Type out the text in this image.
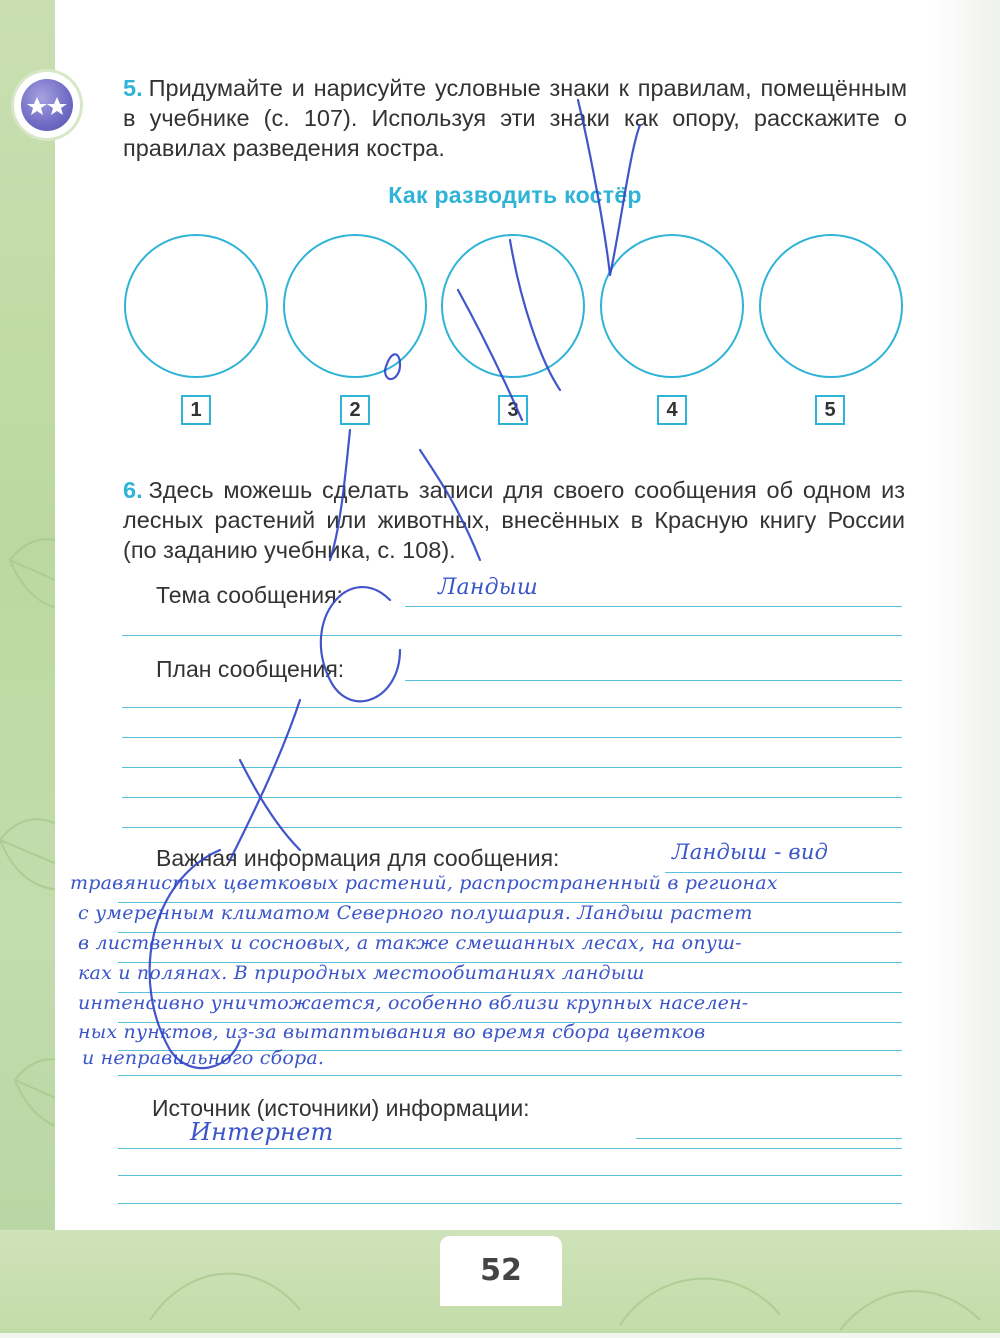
5. Придумайте и нарисуйте условные знаки к правилам, помещённым в учебнике (с. 107). Используя эти знаки как опору, расскажите о правилах разведения костра.
Как разводить костёр
1	2	3	4	5
6. Здесь можешь сделать записи для своего сообщения об одном из лесных растений или животных, внесённых в Красную книгу России (по заданию учебника, с. 108).
Тема сообщения:	Ландыш
План сообщения:
Важная информация для сообщения:	Ландыш - вид
травянистых цветковых растений, распространенный в регионах
с умеренным климатом Северного полушария. Ландыш растет
в лиственных и сосновых, а также смешанных лесах, на опуш-
ках и полянах. В природных местообитаниях ландыш
интенсивно уничтожается, особенно вблизи крупных населен-
ных пунктов, из-за вытаптывания во время сбора цветков
и неправильного сбора.
Источник (источники) информации:
Интернет
52
